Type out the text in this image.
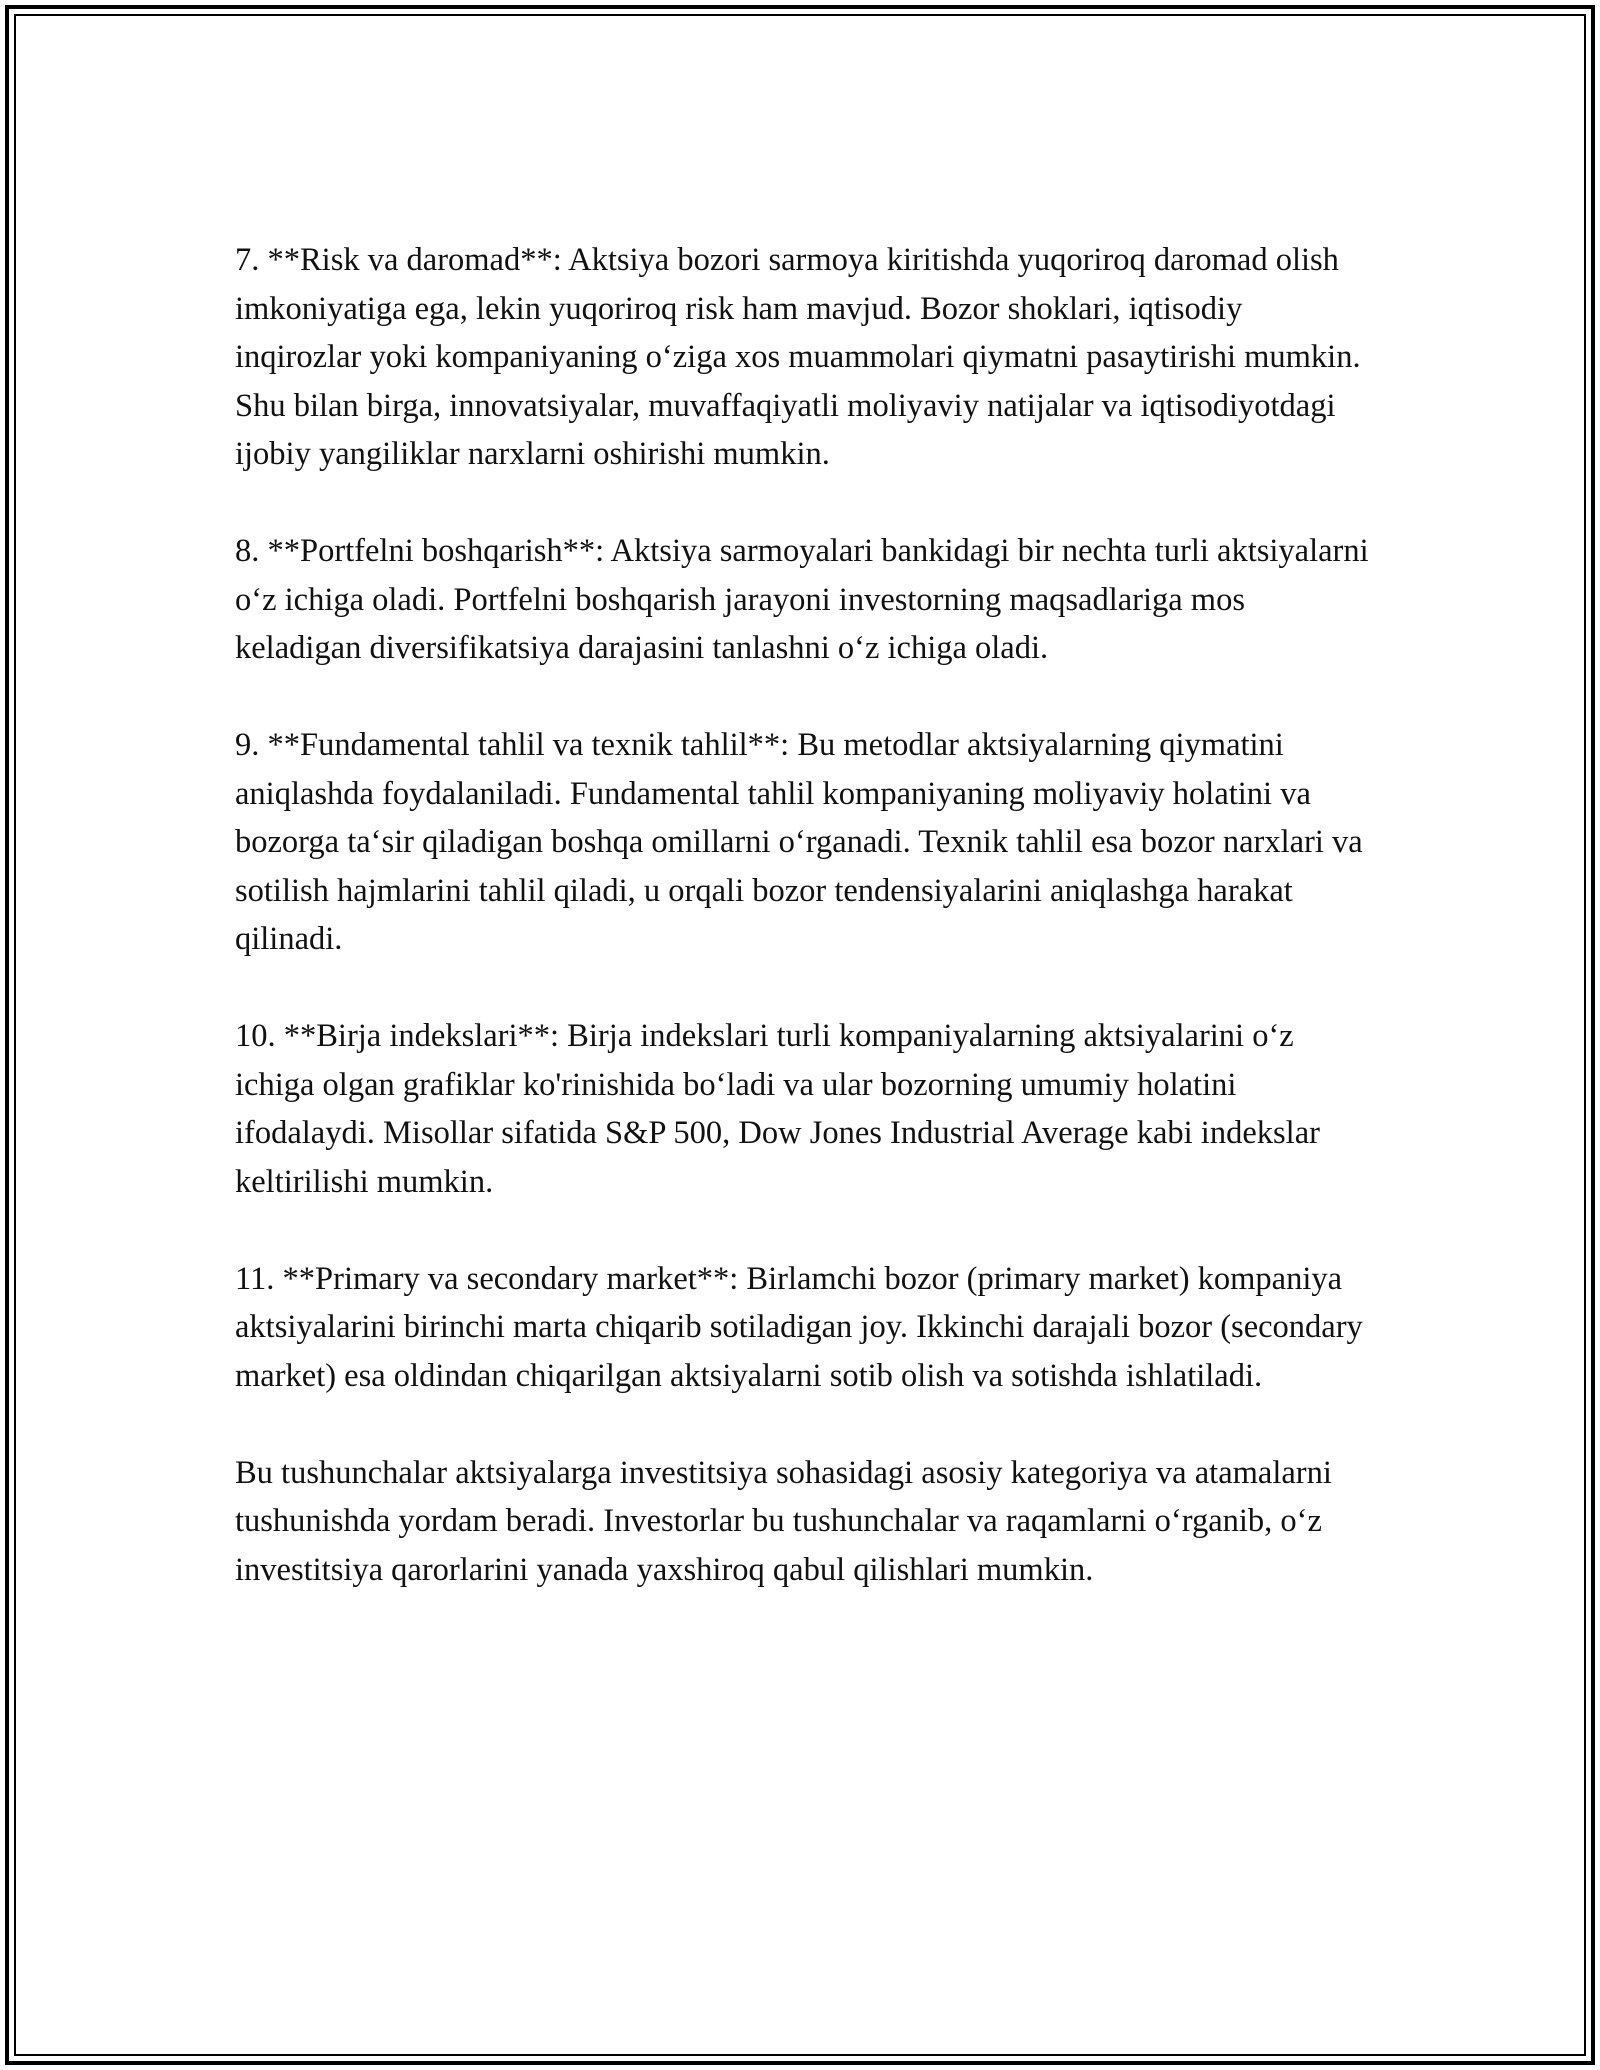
7. **Risk va daromad**: Aktsiya bozori sarmoya kiritishda yuqoriroq daromad olish imkoniyatiga ega, lekin yuqoriroq risk ham mavjud. Bozor shoklari, iqtisodiy inqirozlar yoki kompaniyaning o‘ziga xos muammolari qiymatni pasaytirishi mumkin. Shu bilan birga, innovatsiyalar, muvaffaqiyatli moliyaviy natijalar va iqtisodiyotdagi ijobiy yangiliklar narxlarni oshirishi mumkin.

8. **Portfelni boshqarish**: Aktsiya sarmoyalari bankidagi bir nechta turli aktsiyalarni o‘z ichiga oladi. Portfelni boshqarish jarayoni investorning maqsadlariga mos keladigan diversifikatsiya darajasini tanlashni o‘z ichiga oladi.

9. **Fundamental tahlil va texnik tahlil**: Bu metodlar aktsiyalarning qiymatini aniqlashda foydalaniladi. Fundamental tahlil kompaniyaning moliyaviy holatini va bozorga ta‘sir qiladigan boshqa omillarni o‘rganadi. Texnik tahlil esa bozor narxlari va sotilish hajmlarini tahlil qiladi, u orqali bozor tendensiyalarini aniqlashga harakat qilinadi.

10. **Birja indekslari**: Birja indekslari turli kompaniyalarning aktsiyalarini o‘z ichiga olgan grafiklar ko'rinishida bo‘ladi va ular bozorning umumiy holatini ifodalaydi. Misollar sifatida S&P 500, Dow Jones Industrial Average kabi indekslar keltirilishi mumkin.

11. **Primary va secondary market**: Birlamchi bozor (primary market) kompaniya aktsiyalarini birinchi marta chiqarib sotiladigan joy. Ikkinchi darajali bozor (secondary market) esa oldindan chiqarilgan aktsiyalarni sotib olish va sotishda ishlatiladi.

Bu tushunchalar aktsiyalarga investitsiya sohasidagi asosiy kategoriya va atamalarni tushunishda yordam beradi. Investorlar bu tushunchalar va raqamlarni o‘rganib, o‘z investitsiya qarorlarini yanada yaxshiroq qabul qilishlari mumkin.
